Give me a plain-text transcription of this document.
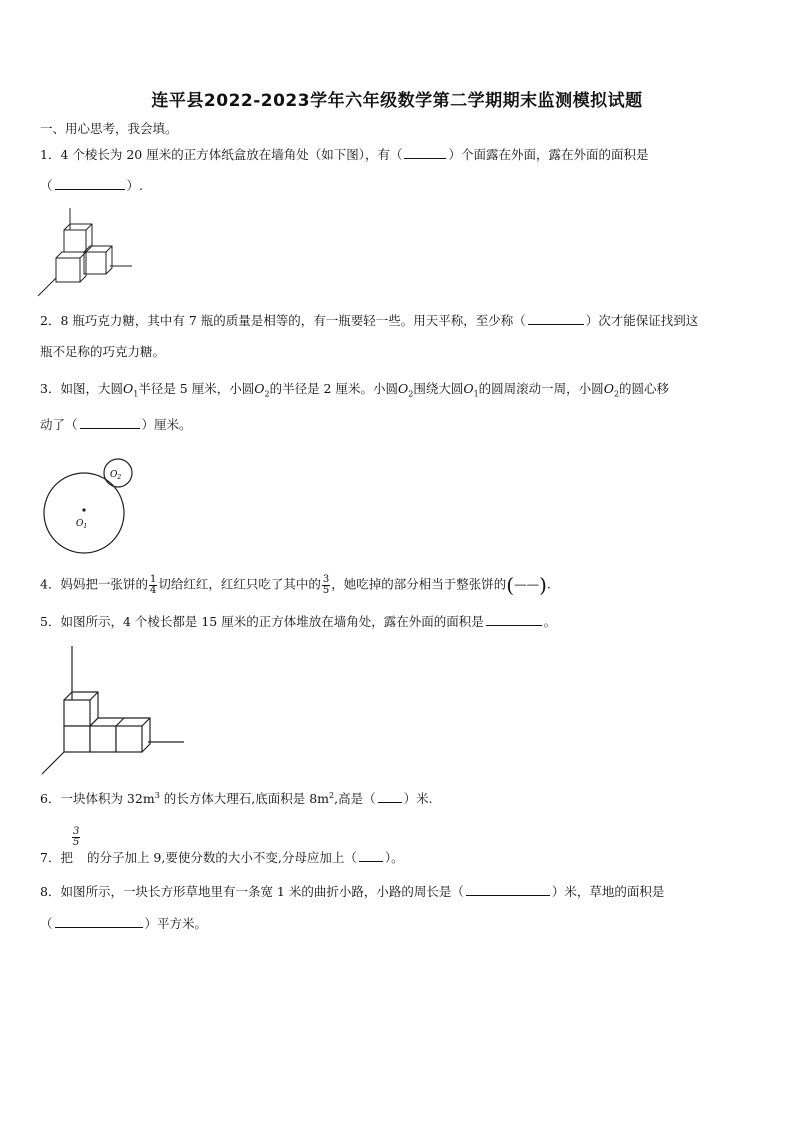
连平县2022-2023学年六年级数学第二学期期末监测模拟试题
一、用心思考，我会填。
1．4 个棱长为 20 厘米的正方体纸盒放在墙角处（如下图），有（	）个面露在外面，露在外面的面积是
（	）.
2．8 瓶巧克力糖，其中有 7 瓶的质量是相等的，有一瓶要轻一些。用天平称，至少称（	）次才能保证找到这
瓶不足称的巧克力糖。
3．如图，大圆$O_1$半径是 5 厘米，小圆$O_2$的半径是 2 厘米。小圆$O_2$围绕大圆$O_1$的圆周滚动一周，小圆$O_2$的圆心移
动了（	）厘米。
$O_1$
$O_2$
4．妈妈把一张饼的 $\frac{1}{4}$ 切给红红，红红只吃了其中的 $\frac{3}{5}$ ，她吃掉的部分相当于整张饼的(——).
5．如图所示，4 个棱长都是 15 厘米的正方体堆放在墙角处，露在外面的面积是	。
6．一块体积为 $32m^3$ 的长方体大理石,底面积是 $8m^2$,高是（ ）米.
$\frac{3}{5}$
7．把 的分子加上 9,要使分数的大小不变,分母应加上（ ）。
8．如图所示，一块长方形草地里有一条宽 1 米的曲折小路，小路的周长是（	）米，草地的面积是
（	）平方米。
